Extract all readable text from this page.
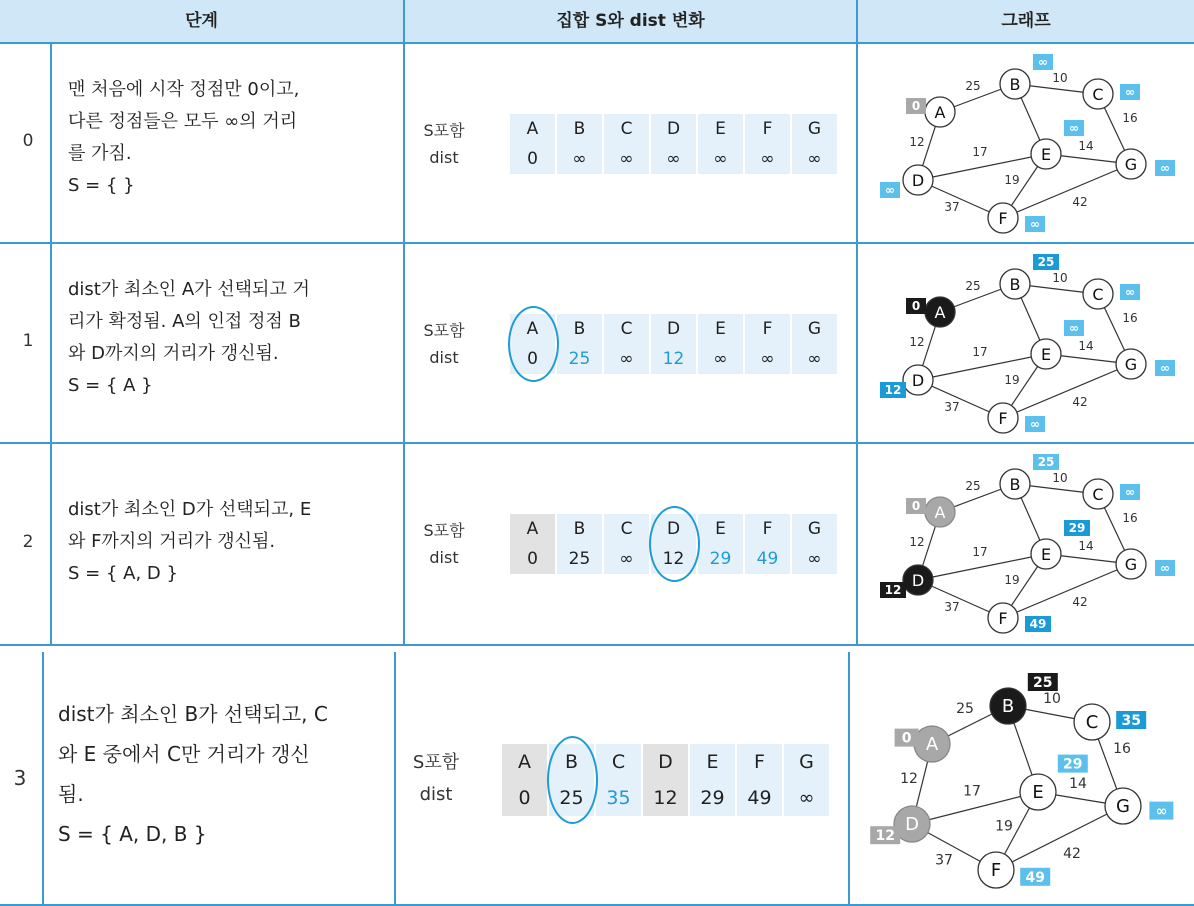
단계	집합 S와 dist 변화	그래프
0

맨 처음에 시작 정점만 0이고,

다른 정점들은 모두 ∞의 거리

를 가짐.

S = { }

S포함
dist
A	B	C	D	E	F	G
0	∞	∞	∞	∞	∞	∞
25
12
10
16
17
37
19
14
42
A
0
B
∞
C ∞
D
∞
E
∞
F ∞
G ∞
1

dist가 최소인 A가 선택되고 거

리가 확정됨. A의 인접 정점 B

와 D까지의 거리가 갱신됨.

S = { A }

S포함
dist
A	B	C	D	E	F	G
0	25	∞	12	∞	∞	∞
25
12
10
16
17
37
19
14
42
A
0
B
25
C ∞
D
12
E
∞
F ∞
G ∞
2

dist가 최소인 D가 선택되고, E

와 F까지의 거리가 갱신됨.

S = { A, D }

S포함
dist
A	B	C	D	E	F	G
0	25	∞	12	29	49	∞
25
12
10
16
17
37
19
14
42
A
0
B
25
C ∞
D
12
E
29
F 49
G ∞
3

dist가 최소인 B가 선택되고, C

와 E 중에서 C만 거리가 갱신

됨.

S = { A, D, B }

S포함
dist
A	B	C	D	E	F	G
0	25	35	12	29	49	∞
25
12
10
16
17
37
19
14
42
A
0
B
25
C 35
D
12
E
29
F 49
G ∞
